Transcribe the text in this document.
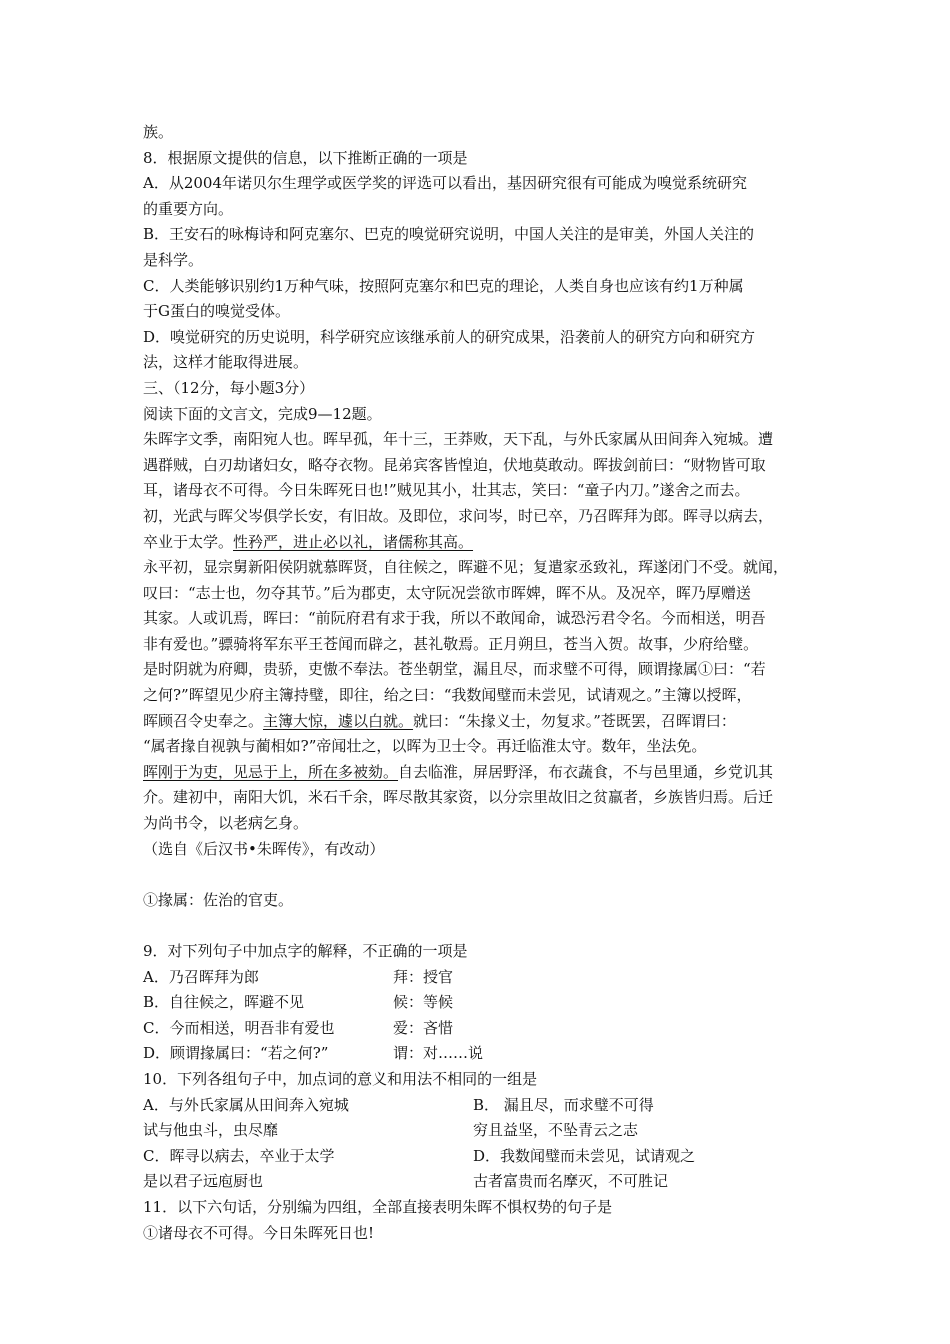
族。
8．根据原文提供的信息，以下推断正确的一项是
A．从2004年诺贝尔生理学或医学奖的评选可以看出，基因研究很有可能成为嗅觉系统研究
的重要方向。
B．王安石的咏梅诗和阿克塞尔、巴克的嗅觉研究说明，中国人关注的是审美，外国人关注的
是科学。
C．人类能够识别约1万种气味，按照阿克塞尔和巴克的理论，人类自身也应该有约1万种属
于G蛋白的嗅觉受体。
D．嗅觉研究的历史说明，科学研究应该继承前人的研究成果，沿袭前人的研究方向和研究方
法，这样才能取得进展。
三、（12分，每小题3分）
阅读下面的文言文，完成9—12题。
朱晖字文季，南阳宛人也。晖早孤，年十三，王莽败，天下乱，与外氏家属从田间奔入宛城。遭
遇群贼，白刃劫诸妇女，略夺衣物。昆弟宾客皆惶迫，伏地莫敢动。晖拔剑前曰：“财物皆可取
耳，诸母衣不可得。今日朱晖死日也!”贼见其小，壮其志，笑曰：“童子内刀。”遂舍之而去。
初，光武与晖父岑俱学长安，有旧故。及即位，求问岑，时已卒，乃召晖拜为郎。晖寻以病去，
卒业于太学。性矜严，进止必以礼，诸儒称其高。
永平初，显宗舅新阳侯阴就慕晖贤，自往候之，晖避不见；复遣家丞致礼，珲遂闭门不受。就闻，
叹曰：“志士也，勿夺其节。”后为郡吏，太守阮况尝欲市晖婢，晖不从。及况卒，晖乃厚赠送
其家。人或讥焉，晖曰：“前阮府君有求于我，所以不敢闻命，诚恐污君令名。今而相送，明吾
非有爱也。”骠骑将军东平王苍闻而辟之，甚礼敬焉。正月朔旦，苍当入贺。故事，少府给璧。
是时阴就为府卿，贵骄，吏慠不奉法。苍坐朝堂，漏且尽，而求璧不可得，顾谓掾属①曰：“若
之何?”晖望见少府主簿持璧，即往，绐之曰：“我数闻璧而未尝见，试请观之。”主簿以授晖，
晖顾召令史奉之。主簿大惊，遽以白就。就曰：“朱掾义士，勿复求。”苍既罢，召晖谓曰：
“属者掾自视孰与蔺相如?”帝闻壮之，以晖为卫士令。再迁临淮太守。数年，坐法免。
晖刚于为吏，见忌于上，所在多被劾。自去临淮，屏居野泽，布衣蔬食，不与邑里通，乡党讥其
介。建初中，南阳大饥，米石千余，晖尽散其家资，以分宗里故旧之贫羸者，乡族皆归焉。后迁
为尚书令，以老病乞身。
（选自《后汉书•朱晖传》，有改动）
①掾属：佐治的官吏。
9．对下列句子中加点字的解释，不正确的一项是
A．乃召晖拜为郎	拜：授官
B．自往候之，晖避不见	候：等候
C．今而相送，明吾非有爱也	爱：吝惜
D．顾谓掾属曰：“若之何?”	谓：对……说
10．下列各组句子中，加点词的意义和用法不相同的一组是
A．与外氏家属从田间奔入宛城	B． 漏且尽，而求璧不可得
试与他虫斗，虫尽靡	穷且益坚，不坠青云之志
C．晖寻以病去，卒业于太学	D．我数闻璧而未尝见，试请观之
是以君子远庖厨也	古者富贵而名摩灭，不可胜记
11．以下六句话，分别编为四组，全部直接表明朱晖不惧权势的句子是
①诸母衣不可得。今日朱晖死日也!
